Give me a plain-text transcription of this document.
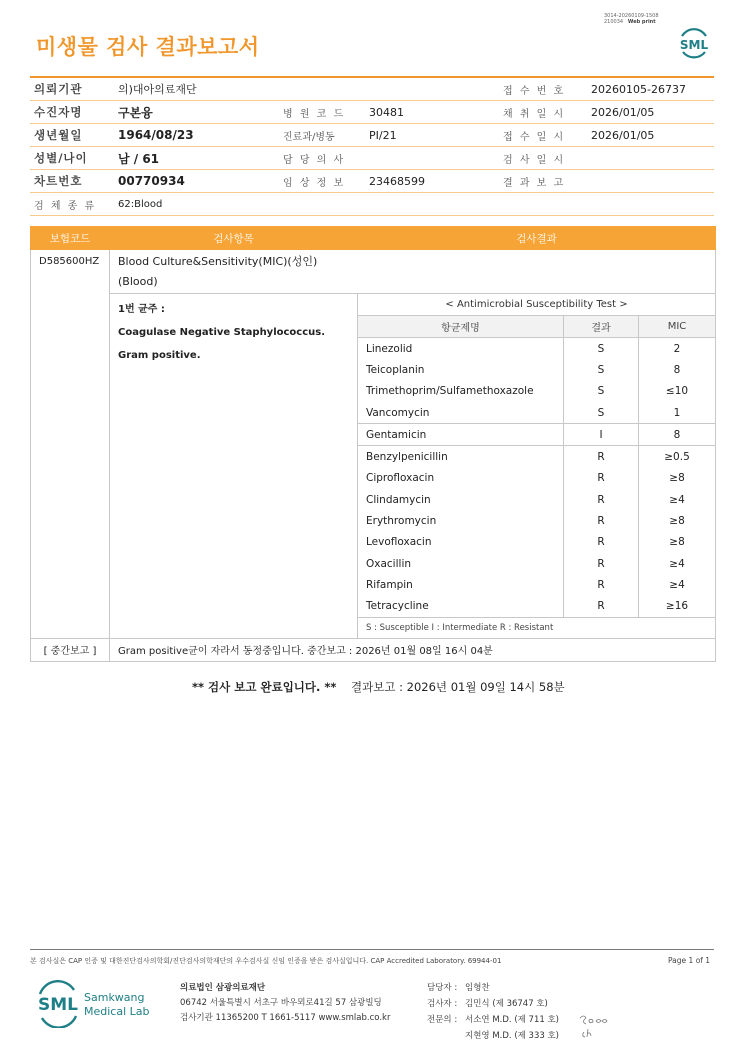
미생물 검사 결과보고서
3014-20260109-1508
210034 Web print
SML
의뢰기관	의)대아의료재단			접 수 번 호	20260105-26737
수진자명	구본융	병 원 코 드	30481	채 취 일 시	2026/01/05
생년월일	1964/08/23	진료과/병동	PI/21	접 수 일 시	2026/01/05
성별/나이	남 / 61	담 당 의 사		검 사 일 시	
차트번호	00770934	임 상 정 보	23468599	결 과 보 고	
검 체 종 류	62:Blood				
보험코드	검사항목	검사결과		
D585600HZ	Blood Culture&Sensitivity(MIC)(성인)
(Blood)			

	1번 균주 :
Coagulase Negative Staphylococcus.
Gram positive.	< Antimicrobial Susceptibility Test >		
		항균제명	결과	MIC
		Linezolid	S	2
		Teicoplanin	S	8
		Trimethoprim/Sulfamethoxazole	S	≤10
		Vancomycin	S	1
		Gentamicin	I	8
		Benzylpenicillin	R	≥0.5
		Ciprofloxacin	R	≥8
		Clindamycin	R	≥4
		Erythromycin	R	≥8
		Levofloxacin	R	≥8
		Oxacillin	R	≥4
		Rifampin	R	≥4
		Tetracycline	R	≥16
		S : Susceptible I : Intermediate R : Resistant		
[ 중간보고 ]	Gram positive균이 자라서 동정중입니다. 중간보고 : 2026년 01월 08일 16시 04분			
** 검사 보고 완료입니다. ** 결과보고 : 2026년 01월 09일 14시 58분
본 검사실은 CAP 인증 및 대한진단검사의학회/진단검사의학재단의 우수검사실 신임 인증을 받은 검사실입니다. CAP Accredited Laboratory. 69944-01	Page 1 of 1
SML Samkwang
Medical Lab
의료법인 삼광의료재단
06742 서울특별시 서초구 바우뫼로41길 57 삼광빌딩
검사기관 11365200 T 1661-5117 www.smlab.co.kr
담당자 : 임형찬
검사자 : 김민식 (제 36747 호)
전문의 : 서소연 M.D. (제 711 호)
지현영 M.D. (제 333 호)
